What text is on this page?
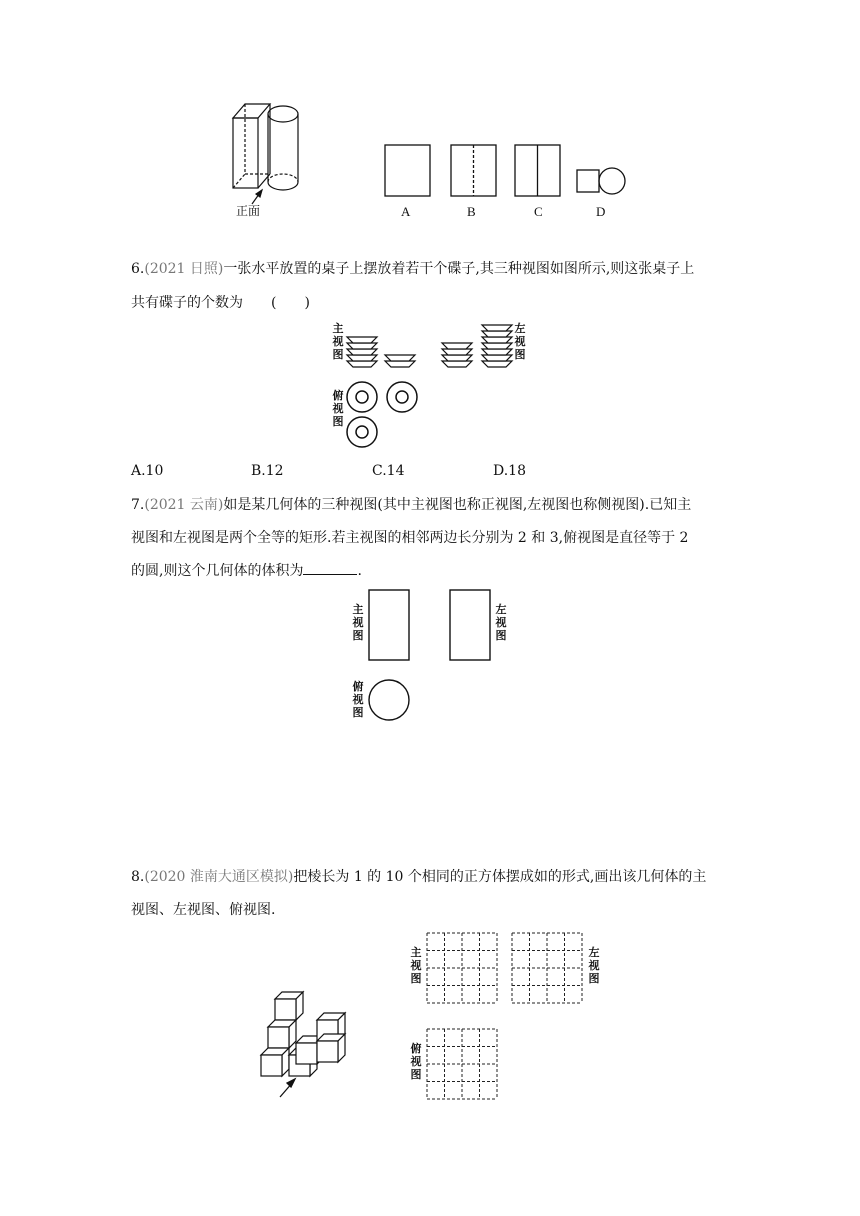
正面	A	B	C	D
6.(2021 日照)一张水平放置的桌子上摆放着若干个碟子,其三种视图如图所示,则这张桌子上
共有碟子的个数为 (　　)
主视图
左视图
俯视图
A.10	B.12	C.14	D.18
7.(2021 云南)如是某几何体的三种视图(其中主视图也称正视图,左视图也称侧视图).已知主
视图和左视图是两个全等的矩形.若主视图的相邻两边长分别为 2 和 3,俯视图是直径等于 2
的圆,则这个几何体的体积为	.
主视图
左视图
俯视图
8.(2020 淮南大通区模拟)把棱长为 1 的 10 个相同的正方体摆成如的形式,画出该几何体的主
视图、左视图、俯视图.
主视图
左视图
俯视图
